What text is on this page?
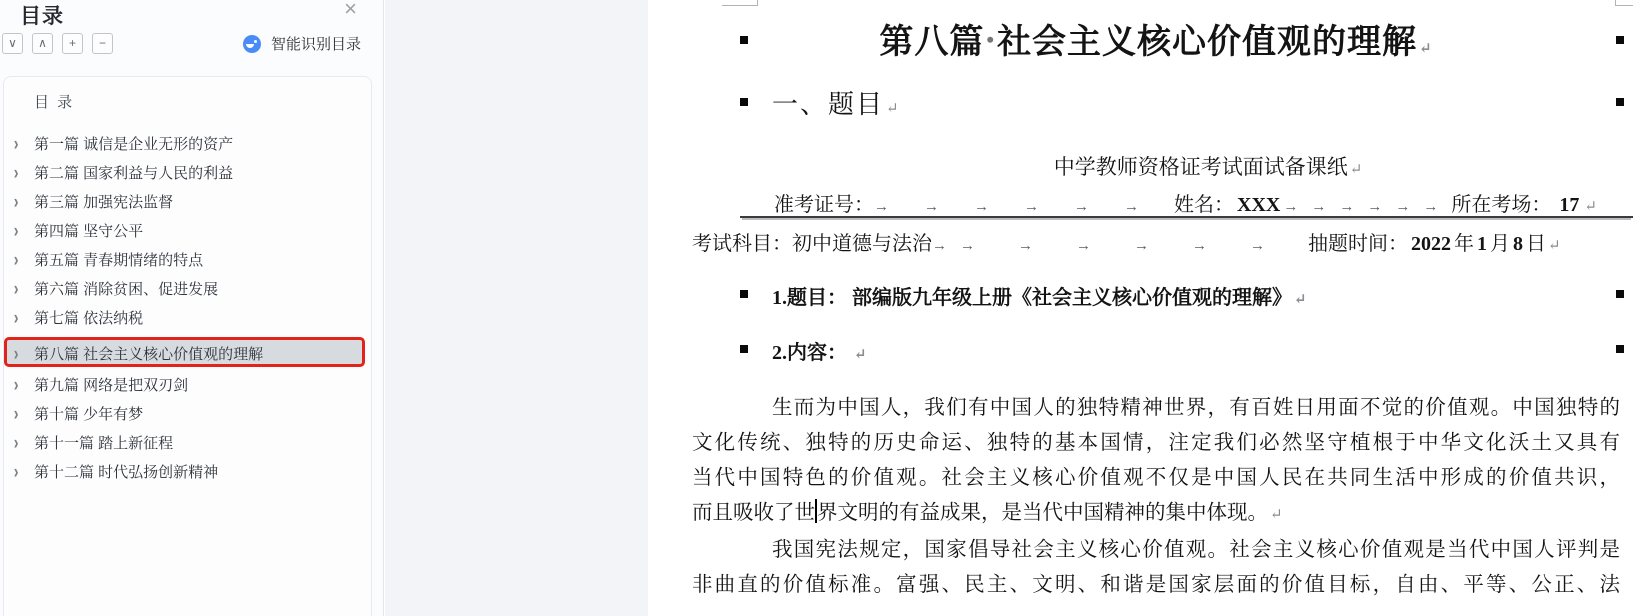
目录	×
∨ ∧ + −	智能识别目录
目 录
› 第一篇 诚信是企业无形的资产
› 第二篇 国家利益与人民的利益
› 第三篇 加强宪法监督
› 第四篇 坚守公平
› 第五篇 青春期情绪的特点
› 第六篇 消除贫困、促进发展
› 第七篇 依法纳税
› 第八篇 社会主义核心价值观的理解
› 第九篇 网络是把双刃剑
› 第十篇 少年有梦
› 第十一篇 踏上新征程
› 第十二篇 时代弘扬创新精神
第八篇•社会主义核心价值观的理解 ↵
一、题目 ↵
中学教师资格证考试面试备课纸 ↵
准考证号：→ → → → → → 姓名： XXX → → → → → → 所在考场： 17 ↵
考试科目：初中道德与法治→ →	→	→	→	→	→ 抽题时间： 2022 年 1 月 8 日 ↵
1.题目： 部编版九年级上册《社会主义核心价值观的理解》 ↵
2.内容： ↵
生而为中国人，我们有中国人的独特精神世界，有百姓日用面不觉的价值观。中国独特的
文化传统、独特的历史命运、独特的基本国情，注定我们必然坚守植根于中华文化沃土又具有
当代中国特色的价值观。社会主义核心价值观不仅是中国人民在共同生活中形成的价值共识，
而且吸收了世界文明的有益成果，是当代中国精神的集中体现。 ↵
我国宪法规定，国家倡导社会主义核心价值观。社会主义核心价值观是当代中国人评判是
非曲直的价值标准。富强、民主、文明、和谐是国家层面的价值目标，自由、平等、公正、法
